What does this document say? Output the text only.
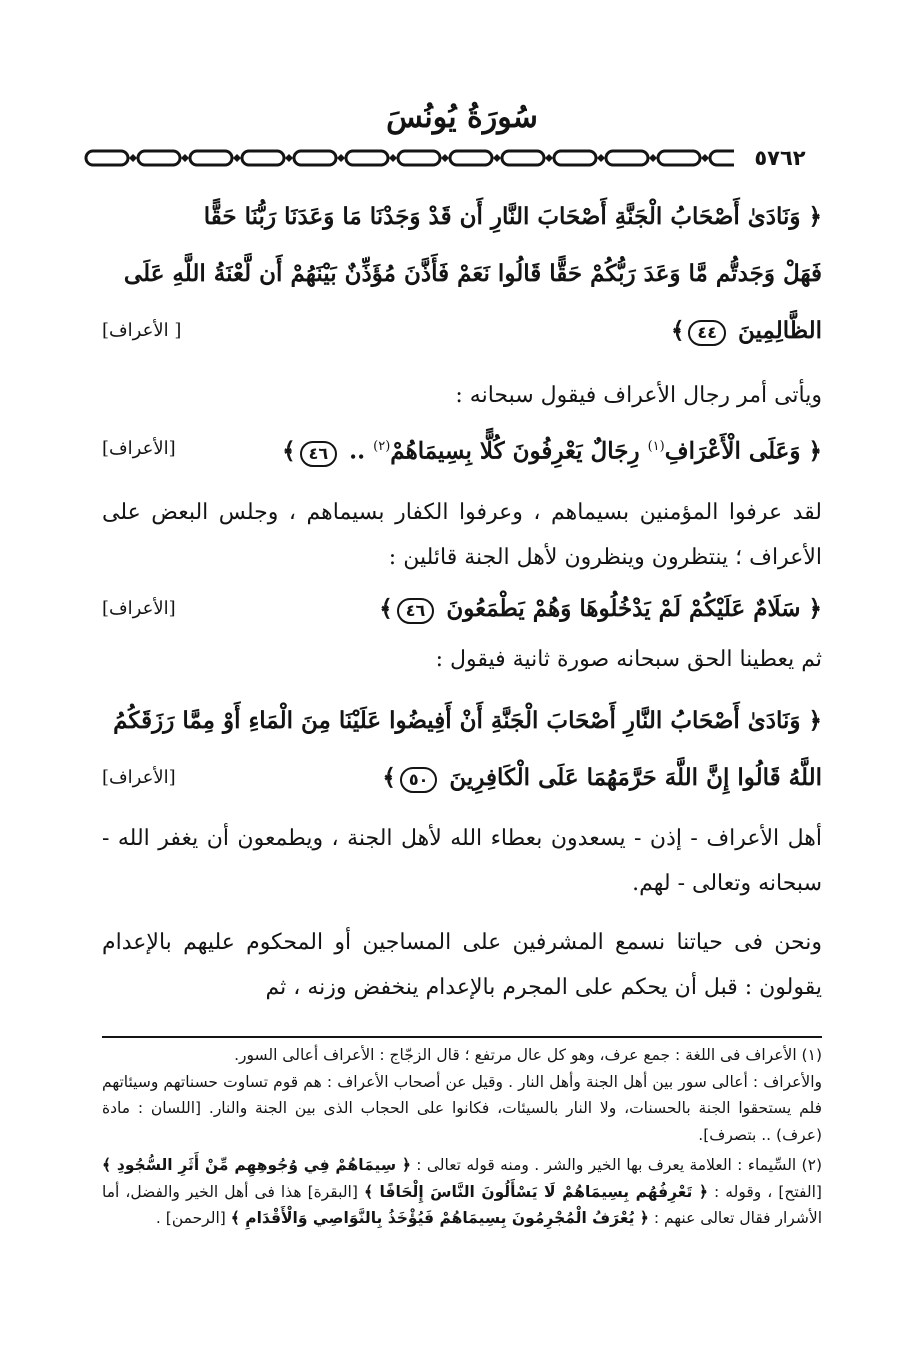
سُورَةُ يُونُسَ
٥٧٦٢

﴿ وَنَادَىٰ أَصْحَابُ الْجَنَّةِ أَصْحَابَ النَّارِ أَن قَدْ وَجَدْنَا مَا وَعَدَنَا رَبُّنَا حَقًّا

فَهَلْ وَجَدتُّم مَّا وَعَدَ رَبُّكُمْ حَقًّا قَالُوا نَعَمْ فَأَذَّنَ مُؤَذِّنٌ بَيْنَهُمْ أَن لَّعْنَةُ اللَّهِ عَلَى

الظَّالِمِينَ ٤٤﴾
[ الأعراف]

ويأتى أمر رجال الأعراف فيقول سبحانه :

﴿ وَعَلَى الْأَعْرَافِ$^{(١)}$ رِجَالٌ يَعْرِفُونَ كُلًّا بِسِيمَاهُمْ$^{(٢)}$ .. ٤٦﴾
[الأعراف]

لقد عرفوا المؤمنين بسيماهم ، وعرفوا الكفار بسيماهم ، وجلس البعض على الأعراف ؛ ينتظرون وينظرون لأهل الجنة قائلين :

﴿ سَلَامٌ عَلَيْكُمْ لَمْ يَدْخُلُوهَا وَهُمْ يَطْمَعُونَ ٤٦﴾
[الأعراف]

ثم يعطينا الحق سبحانه صورة ثانية فيقول :

﴿ وَنَادَىٰ أَصْحَابُ النَّارِ أَصْحَابَ الْجَنَّةِ أَنْ أَفِيضُوا عَلَيْنَا مِنَ الْمَاءِ أَوْ مِمَّا رَزَقَكُمُ

اللَّهُ قَالُوا إِنَّ اللَّهَ حَرَّمَهُمَا عَلَى الْكَافِرِينَ ٥٠﴾
[الأعراف]

أهل الأعراف - إذن - يسعدون بعطاء الله لأهل الجنة ، ويطمعون أن يغفر الله - سبحانه وتعالى - لهم.

ونحن فى حياتنا نسمع المشرفين على المساجين أو المحكوم عليهم بالإعدام يقولون : قبل أن يحكم على المجرم بالإعدام ينخفض وزنه ، ثم

(١) الأعراف فى اللغة : جمع عرف، وهو كل عال مرتفع ؛ قال الزجّاج : الأعراف أعالى السور.

والأعراف : أعالى سور بين أهل الجنة وأهل النار . وقيل عن أصحاب الأعراف : هم قوم تساوت حسناتهم وسيئاتهم فلم يستحقوا الجنة بالحسنات، ولا النار بالسيئات، فكانوا على الحجاب الذى بين الجنة والنار. [اللسان : مادة (عرف) .. بتصرف].

(٢) السِّيماء : العلامة يعرف بها الخير والشر . ومنه قوله تعالى : ﴿ سِيمَاهُمْ فِي وُجُوهِهِم مِّنْ أَثَرِ السُّجُودِ ﴾ [الفتح] ، وقوله : ﴿ تَعْرِفُهُم بِسِيمَاهُمْ لَا يَسْأَلُونَ النَّاسَ إِلْحَافًا ﴾ [البقرة] هذا فى أهل الخير والفضل، أما الأشرار فقال تعالى عنهم : ﴿ يُعْرَفُ الْمُجْرِمُونَ بِسِيمَاهُمْ فَيُؤْخَذُ بِالنَّوَاصِي وَالْأَقْدَامِ ﴾ [الرحمن] .
